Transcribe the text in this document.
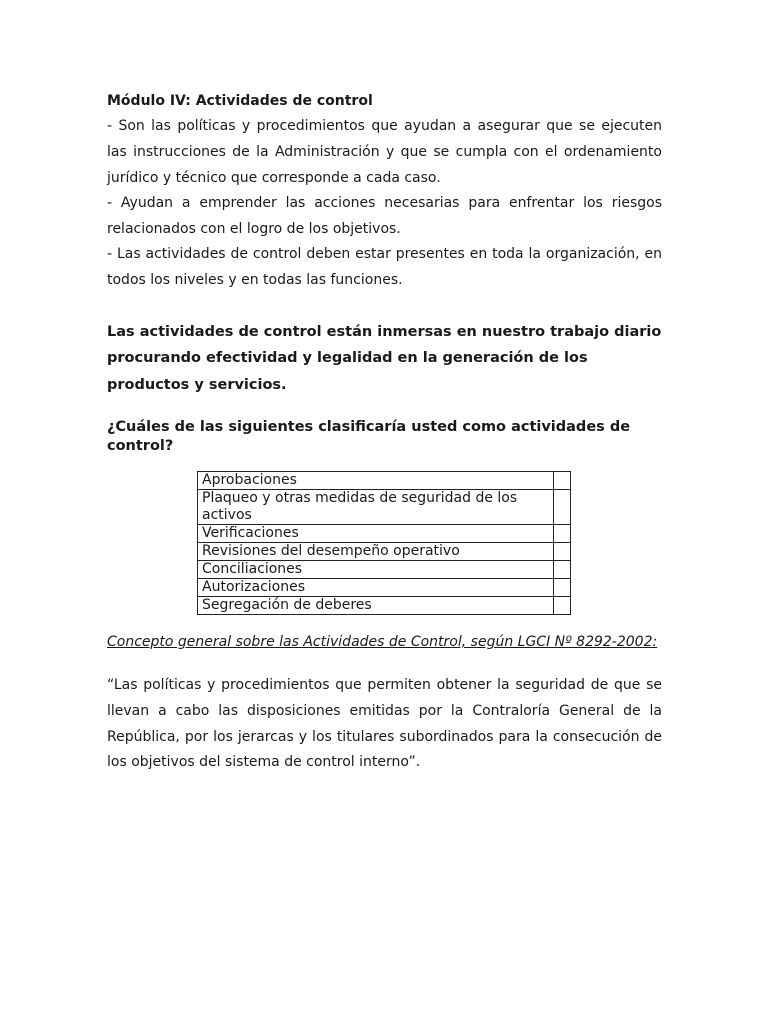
Módulo IV: Actividades de control

- Son las políticas y procedimientos que ayudan a asegurar que se ejecuten las instrucciones de la Administración y que se cumpla con el ordenamiento jurídico y técnico que corresponde a cada caso.

- Ayudan a emprender las acciones necesarias para enfrentar los riesgos relacionados con el logro de los objetivos.

- Las actividades de control deben estar presentes en toda la organización, en todos los niveles y en todas las funciones.

Las actividades de control están inmersas en nuestro trabajo diario procurando efectividad y legalidad en la generación de los productos y servicios.

¿Cuáles de las siguientes clasificaría usted como actividades de control?

Aprobaciones	
Plaqueo y otras medidas de seguridad de los activos	
Verificaciones	
Revisiones del desempeño operativo	
Conciliaciones	
Autorizaciones	
Segregación de deberes	

Concepto general sobre las Actividades de Control, según LGCI Nº 8292-2002:

“Las políticas y procedimientos que permiten obtener la seguridad de que se llevan a cabo las disposiciones emitidas por la Contraloría General de la República, por los jerarcas y los titulares subordinados para la consecución de los objetivos del sistema de control interno”.
